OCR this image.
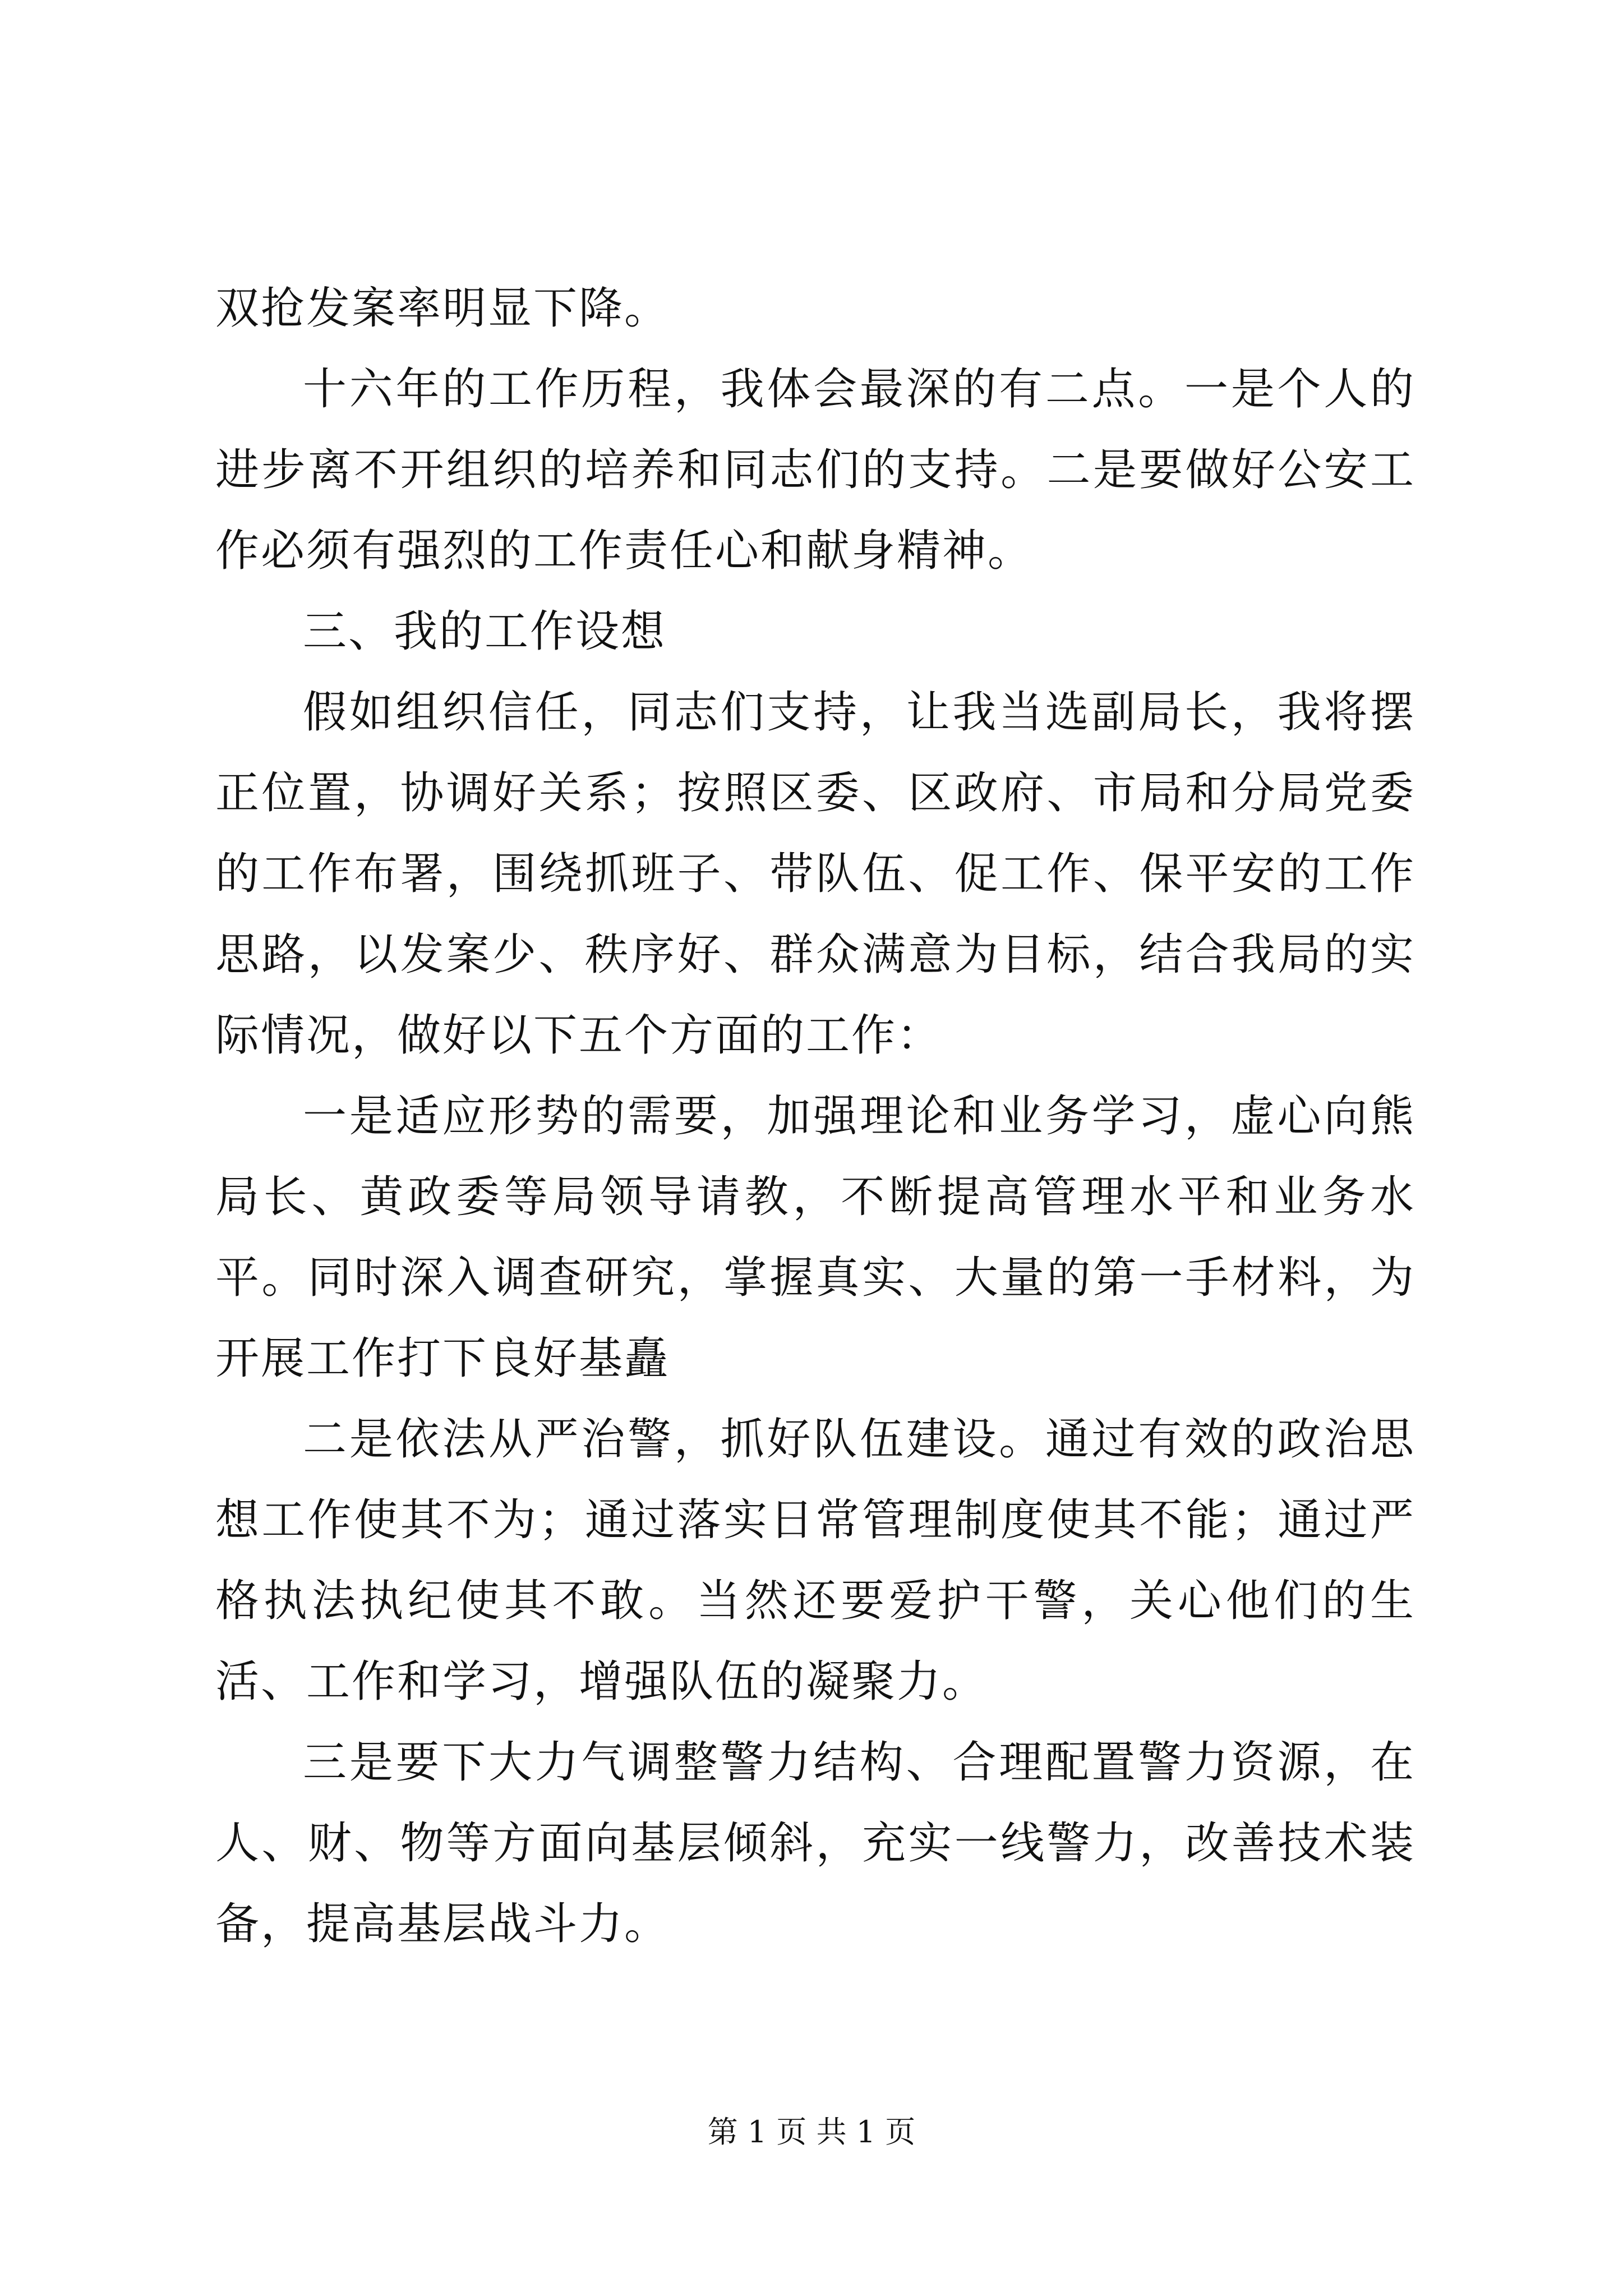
双抢发案率明显下降。

十六年的工作历程，我体会最深的有二点。一是个人的进步离不开组织的培养和同志们的支持。二是要做好公安工作必须有强烈的工作责任心和献身精神。

三、我的工作设想

假如组织信任，同志们支持，让我当选副局长，我将摆正位置，协调好关系；按照区委、区政府、市局和分局党委的工作布署，围绕抓班子、带队伍、促工作、保平安的工作思路，以发案少、秩序好、群众满意为目标，结合我局的实际情况，做好以下五个方面的工作：

一是适应形势的需要，加强理论和业务学习，虚心向熊局长、黄政委等局领导请教，不断提高管理水平和业务水平。同时深入调查研究，掌握真实、大量的第一手材料，为开展工作打下良好基矗

二是依法从严治警，抓好队伍建设。通过有效的政治思想工作使其不为；通过落实日常管理制度使其不能；通过严格执法执纪使其不敢。当然还要爱护干警，关心他们的生活、工作和学习，增强队伍的凝聚力。

三是要下大力气调整警力结构、合理配置警力资源，在人、财、物等方面向基层倾斜，充实一线警力，改善技术装备，提高基层战斗力。

第 1 页 共 1 页
